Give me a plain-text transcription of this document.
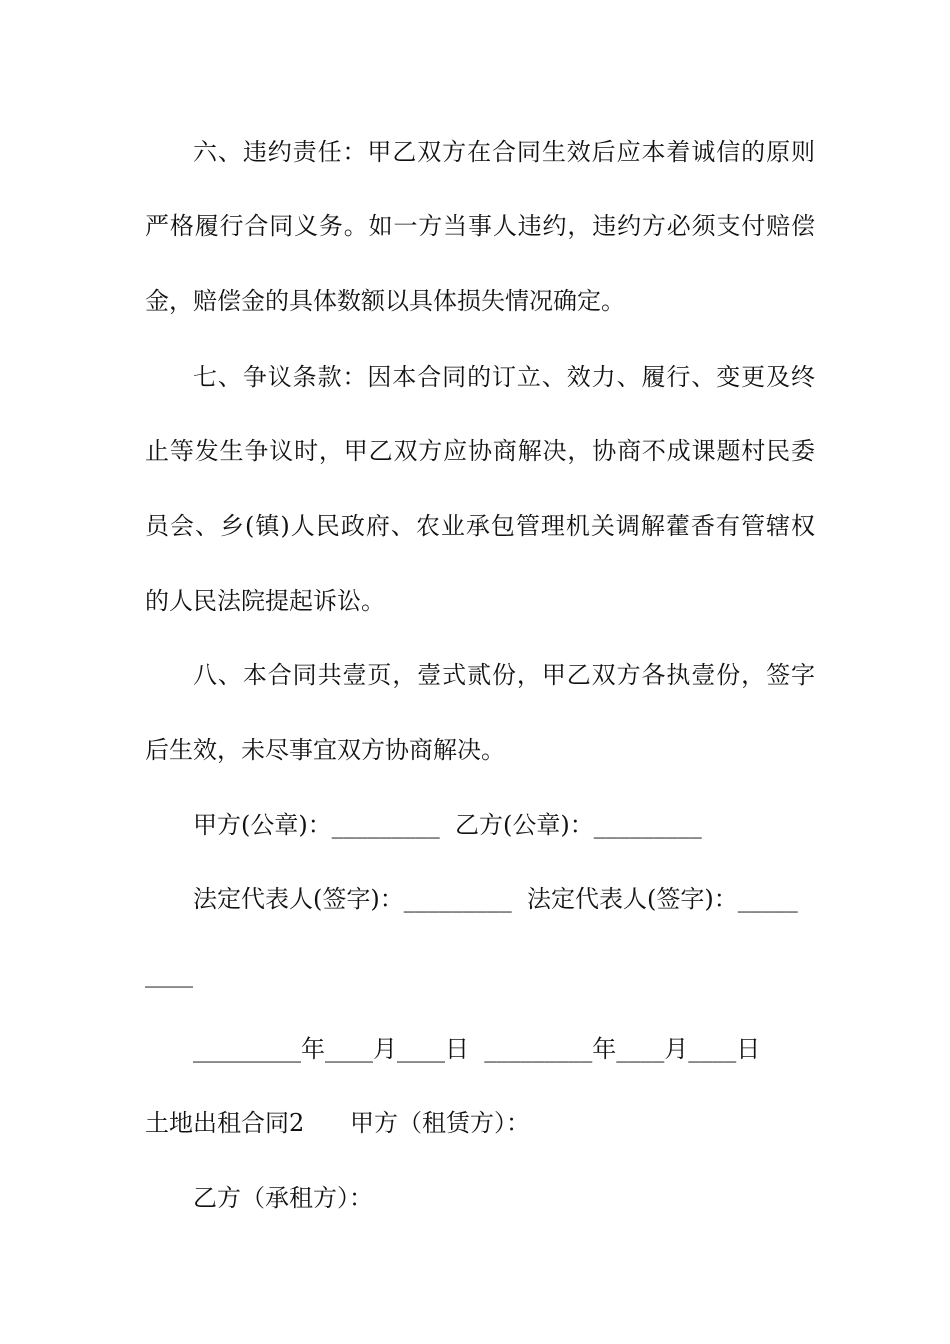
六、违约责任：甲乙双方在合同生效后应本着诚信的原则
严格履行合同义务。如一方当事人违约，违约方必须支付赔偿
金，赔偿金的具体数额以具体损失情况确定。
七、争议条款：因本合同的订立、效力、履行、变更及终
止等发生争议时，甲乙双方应协商解决，协商不成课题村民委
员会、乡(镇)人民政府、农业承包管理机关调解藿香有管辖权
的人民法院提起诉讼。
八、本合同共壹页，壹式贰份，甲乙双方各执壹份，签字
后生效，未尽事宜双方协商解决。
甲方(公章)：_________  乙方(公章)：_________
法定代表人(签字)：_________  法定代表人(签字)：_____
____
_________年____月____日  _________年____月____日
土地出租合同2      甲方（租赁方）：
乙方（承租方）：
